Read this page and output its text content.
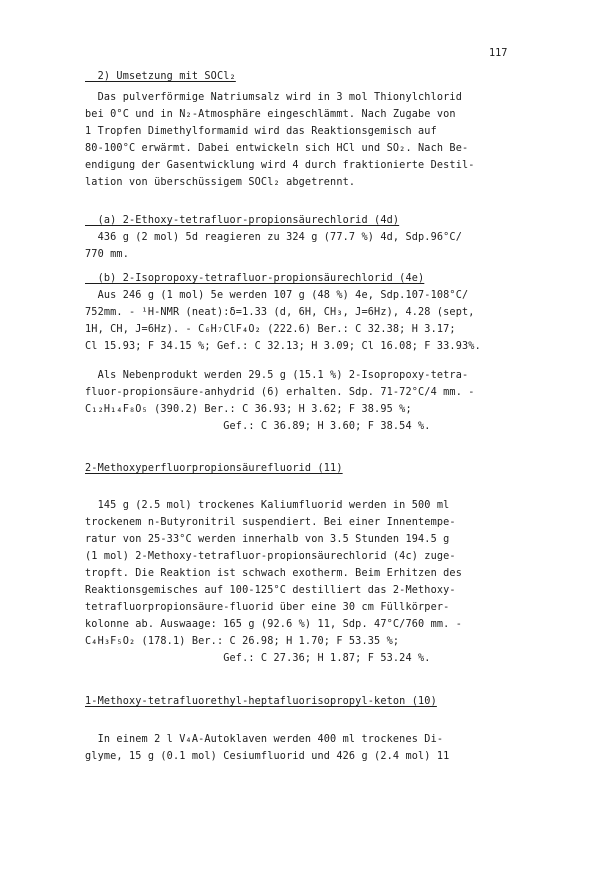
117
2) Umsetzung mit SOCl₂
Das pulverförmige Natriumsalz wird in 3 mol Thionylchlorid
bei 0°C und in N₂-Atmosphäre eingeschlämmt. Nach Zugabe von
1 Tropfen Dimethylformamid wird das Reaktionsgemisch auf
80-100°C erwärmt. Dabei entwickeln sich HCl und SO₂. Nach Be-
endigung der Gasentwicklung wird 4 durch fraktionierte Destil-
lation von überschüssigem SOCl₂ abgetrennt.
(a) 2-Ethoxy-tetrafluor-propionsäurechlorid (4d)
436 g (2 mol) 5d reagieren zu 324 g (77.7 %) 4d, Sdp.96°C/
770 mm.
(b) 2-Isopropoxy-tetrafluor-propionsäurechlorid (4e)
Aus 246 g (1 mol) 5e werden 107 g (48 %) 4e, Sdp.107-108°C/
752mm. - ¹H-NMR (neat):δ=1.33 (d, 6H, CH₃, J=6Hz), 4.28 (sept,
1H, CH, J=6Hz). - C₆H₇ClF₄O₂ (222.6) Ber.: C 32.38; H 3.17;
Cl 15.93; F 34.15 %; Gef.: C 32.13; H 3.09; Cl 16.08; F 33.93%.
Als Nebenprodukt werden 29.5 g (15.1 %) 2-Isopropoxy-tetra-
fluor-propionsäure-anhydrid (6) erhalten. Sdp. 71-72°C/4 mm. -
C₁₂H₁₄F₈O₅ (390.2) Ber.: C 36.93; H 3.62; F 38.95 %;
Gef.: C 36.89; H 3.60; F 38.54 %.
2-Methoxyperfluorpropionsäurefluorid (11)
145 g (2.5 mol) trockenes Kaliumfluorid werden in 500 ml
trockenem n-Butyronitril suspendiert. Bei einer Innentempe-
ratur von 25-33°C werden innerhalb von 3.5 Stunden 194.5 g
(1 mol) 2-Methoxy-tetrafluor-propionsäurechlorid (4c) zuge-
tropft. Die Reaktion ist schwach exotherm. Beim Erhitzen des
Reaktionsgemisches auf 100-125°C destilliert das 2-Methoxy-
tetrafluorpropionsäure-fluorid über eine 30 cm Füllkörper-
kolonne ab. Auswaage: 165 g (92.6 %) 11, Sdp. 47°C/760 mm. -
C₄H₃F₅O₂ (178.1) Ber.: C 26.98; H 1.70; F 53.35 %;
Gef.: C 27.36; H 1.87; F 53.24 %.
1-Methoxy-tetrafluorethyl-heptafluorisopropyl-keton (10)
In einem 2 l V₄A-Autoklaven werden 400 ml trockenes Di-
glyme, 15 g (0.1 mol) Cesiumfluorid und 426 g (2.4 mol) 11
